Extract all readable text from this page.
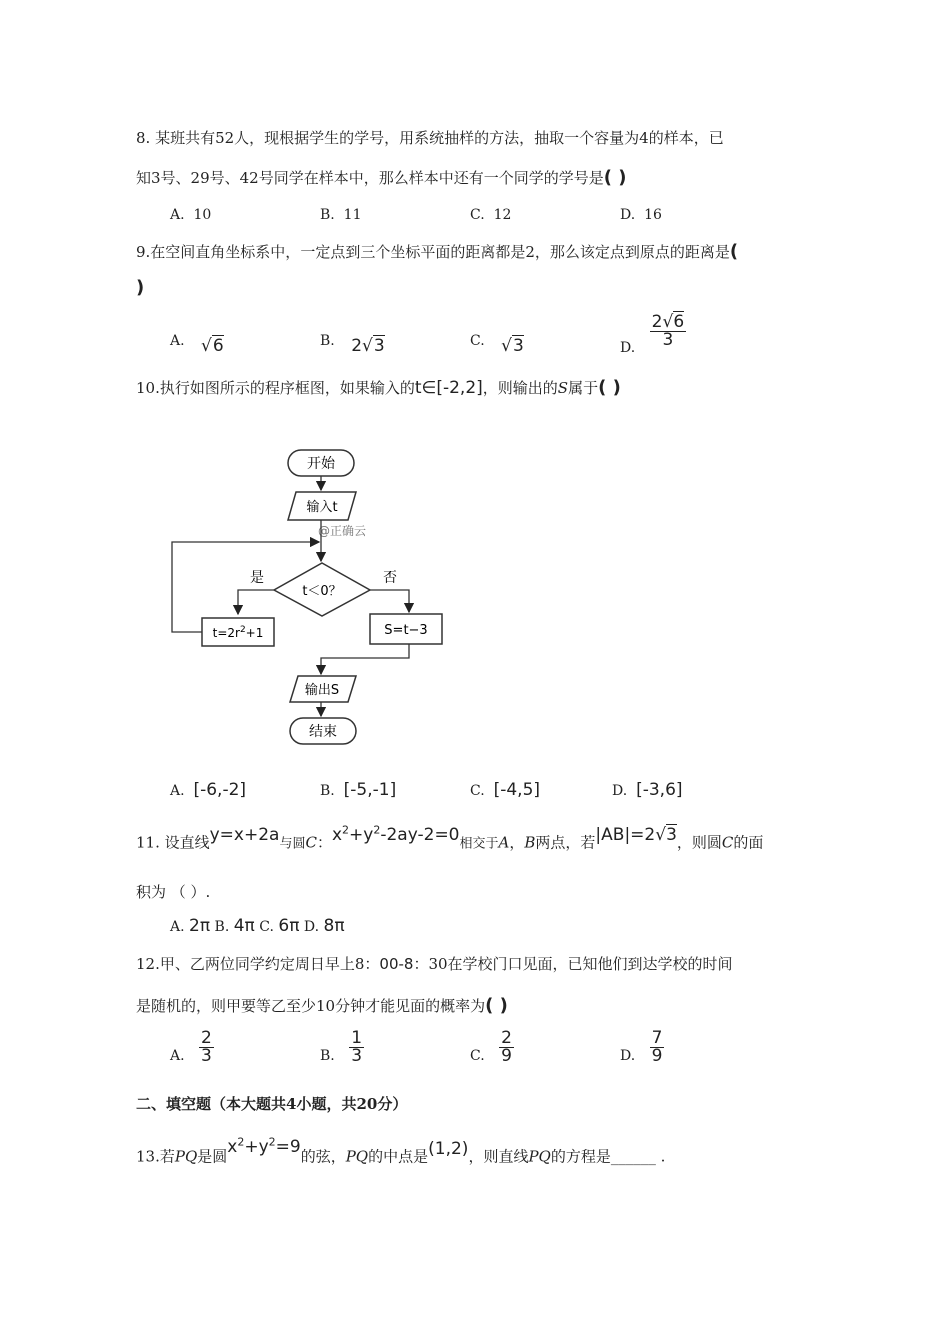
8. 某班共有52人，现根据学生的学号，用系统抽样的方法，抽取一个容量为4的样本，已
知3号、29号、42号同学在样本中，那么样本中还有一个同学的学号是( )
A. 10	B. 11	C. 12	D. 16
9.在空间直角坐标系中，一定点到三个坐标平面的距离都是2，那么该定点到原点的距离是(
)
A. √6	B. 2√3	C. √3	D. $\frac{2√6}{3}$
10.执行如图所示的程序框图，如果输入的t∈[-2,2]，则输出的S属于( )
开始
输入t
@正确云
t＜0？
是	否
$t=2r^2+1$	S=t−3
输出S
结束
A. [-6,-2]	B. [-5,-1]	C. [-4,5]	D. [-3,6]
11. 设直线y=x+2a与圆C：$x^2+y^2-2ay-2=0$相交于A，B两点，若|AB|=2√3，则圆C的面
积为 （ ）.
A. 2π B. 4π C. 6π D. 8π
12.甲、乙两位同学约定周日早上8：00-8：30在学校门口见面，已知他们到达学校的时间
是随机的，则甲要等乙至少10分钟才能见面的概率为( )
A. $\frac{2}{3}$	B. $\frac{1}{3}$	C. $\frac{2}{9}$	D. $\frac{7}{9}$
二、填空题（本大题共4小题，共20分）
13.若PQ是圆$x^2+y^2=9$的弦，PQ的中点是(1,2)，则直线PQ的方程是______ .
